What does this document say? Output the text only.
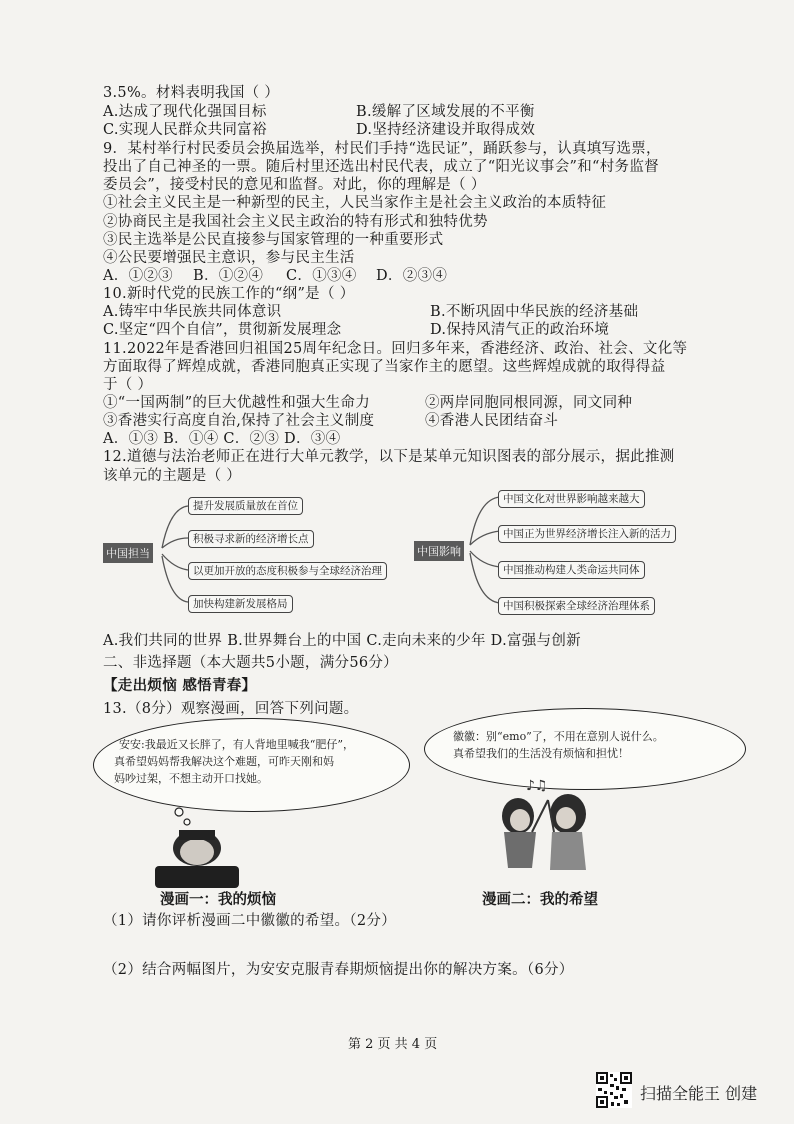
3.5%。材料表明我国（ ）
A.达成了现代化强国目标	B.缓解了区域发展的不平衡
C.实现人民群众共同富裕	D.坚持经济建设并取得成效
9．某村举行村民委员会换届选举，村民们手持“选民证”，踊跃参与，认真填写选票，
投出了自己神圣的一票。随后村里还选出村民代表，成立了“阳光议事会”和“村务监督
委员会”，接受村民的意见和监督。对此，你的理解是（ ）
①社会主义民主是一种新型的民主，人民当家作主是社会主义政治的本质特征
②协商民主是我国社会主义民主政治的特有形式和独特优势
③民主选举是公民直接参与国家管理的一种重要形式
④公民要增强民主意识，参与民主生活
A．①②③ B．①②④ C．①③④ D．②③④
10.新时代党的民族工作的“纲”是（ ）
A.铸牢中华民族共同体意识	B.不断巩固中华民族的经济基础
C.坚定“四个自信”，贯彻新发展理念	D.保持风清气正的政治环境
11.2022年是香港回归祖国25周年纪念日。回归多年来，香港经济、政治、社会、文化等
方面取得了辉煌成就，香港同胞真正实现了当家作主的愿望。这些辉煌成就的取得得益
于（ ）
①“一国两制”的巨大优越性和强大生命力	②两岸同胞同根同源，同文同种
③香港实行高度自治,保持了社会主义制度	④香港人民团结奋斗
A．①③ B．①④ C．②③ D．③④
12.道德与法治老师正在进行大单元教学，以下是某单元知识图表的部分展示，据此推测
该单元的主题是（ ）
中国担当
提升发展质量放在首位
积极寻求新的经济增长点
以更加开放的态度积极参与全球经济治理
加快构建新发展格局
中国影响
中国文化对世界影响越来越大
中国正为世界经济增长注入新的活力
中国推动构建人类命运共同体
中国积极探索全球经济治理体系
A.我们共同的世界 B.世界舞台上的中国 C.走向未来的少年 D.富强与创新
二、非选择题（本大题共5小题，满分56分）
【走出烦恼 感悟青春】
13.（8分）观察漫画，回答下列问题。
安安:我最近又长胖了，有人背地里喊我“肥仔”，
真希望妈妈帮我解决这个难题，可昨天刚和妈
妈吵过架，不想主动开口找她。
漫画一：我的烦恼
徽徽：别“emo”了，不用在意别人说什么。
真希望我们的生活没有烦恼和担忧！
♪♫
漫画二：我的希望
（1）请你评析漫画二中徽徽的希望。（2分）
（2）结合两幅图片，为安安克服青春期烦恼提出你的解决方案。（6分）
第 2 页 共 4 页
扫描全能王 创建
